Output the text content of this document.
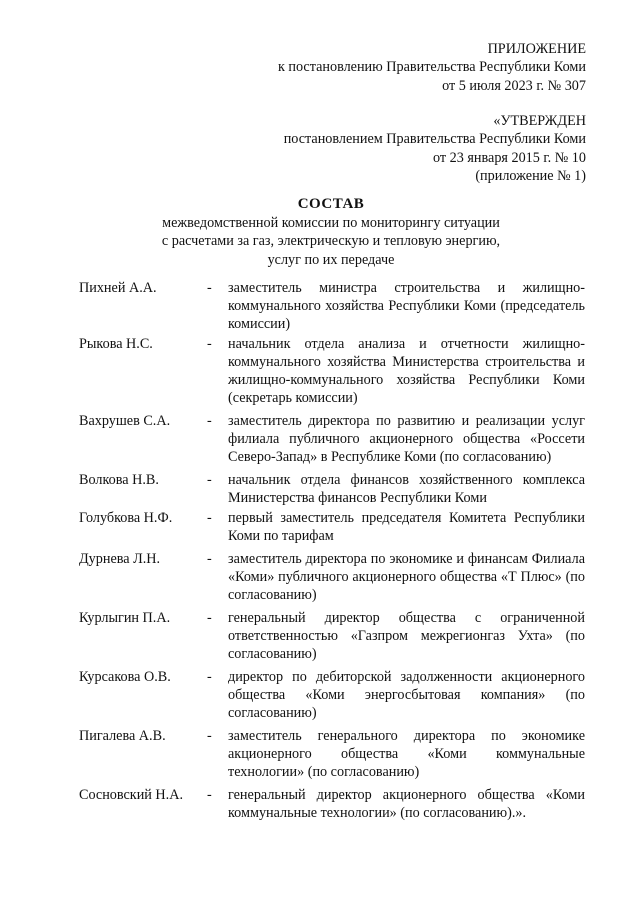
ПРИЛОЖЕНИЕ
к постановлению Правительства Республики Коми
от 5 июля 2023 г. № 307
«УТВЕРЖДЕН
постановлением Правительства Республики Коми
от 23 января 2015 г. № 10
(приложение № 1)
СОСТАВ
межведомственной комиссии по мониторингу ситуации
с расчетами за газ, электрическую и тепловую энергию,
услуг по их передаче
Пихней А.А.	-	заместитель министра строительства и жилищно-коммунального хозяйства Республики Коми (председатель комиссии)
Рыкова Н.С.	-	начальник отдела анализа и отчетности жилищно-коммунального хозяйства Министерства строительства и жилищно-коммунального хозяйства Республики Коми (секретарь комиссии)
Вахрушев С.А.	-	заместитель директора по развитию и реализации услуг филиала публичного акционерного общества «Россети Северо-Запад» в Республике Коми (по согласованию)
Волкова Н.В.	-	начальник отдела финансов хозяйственного комплекса Министерства финансов Республики Коми
Голубкова Н.Ф.	-	первый заместитель председателя Комитета Республики Коми по тарифам
Дурнева Л.Н.	-	заместитель директора по экономике и финансам Филиала «Коми» публичного акционерного общества «Т Плюс» (по согласованию)
Курлыгин П.А.	-	генеральный директор общества с ограниченной ответственностью «Газпром межрегионгаз Ухта» (по согласованию)
Курсакова О.В.	-	директор по дебиторской задолженности акционерного общества «Коми энергосбытовая компания» (по согласованию)
Пигалева А.В.	-	заместитель генерального директора по экономике акционерного общества «Коми коммунальные технологии» (по согласованию)
Сосновский Н.А.	-	генеральный директор акционерного общества «Коми коммунальные технологии» (по согласованию).».
